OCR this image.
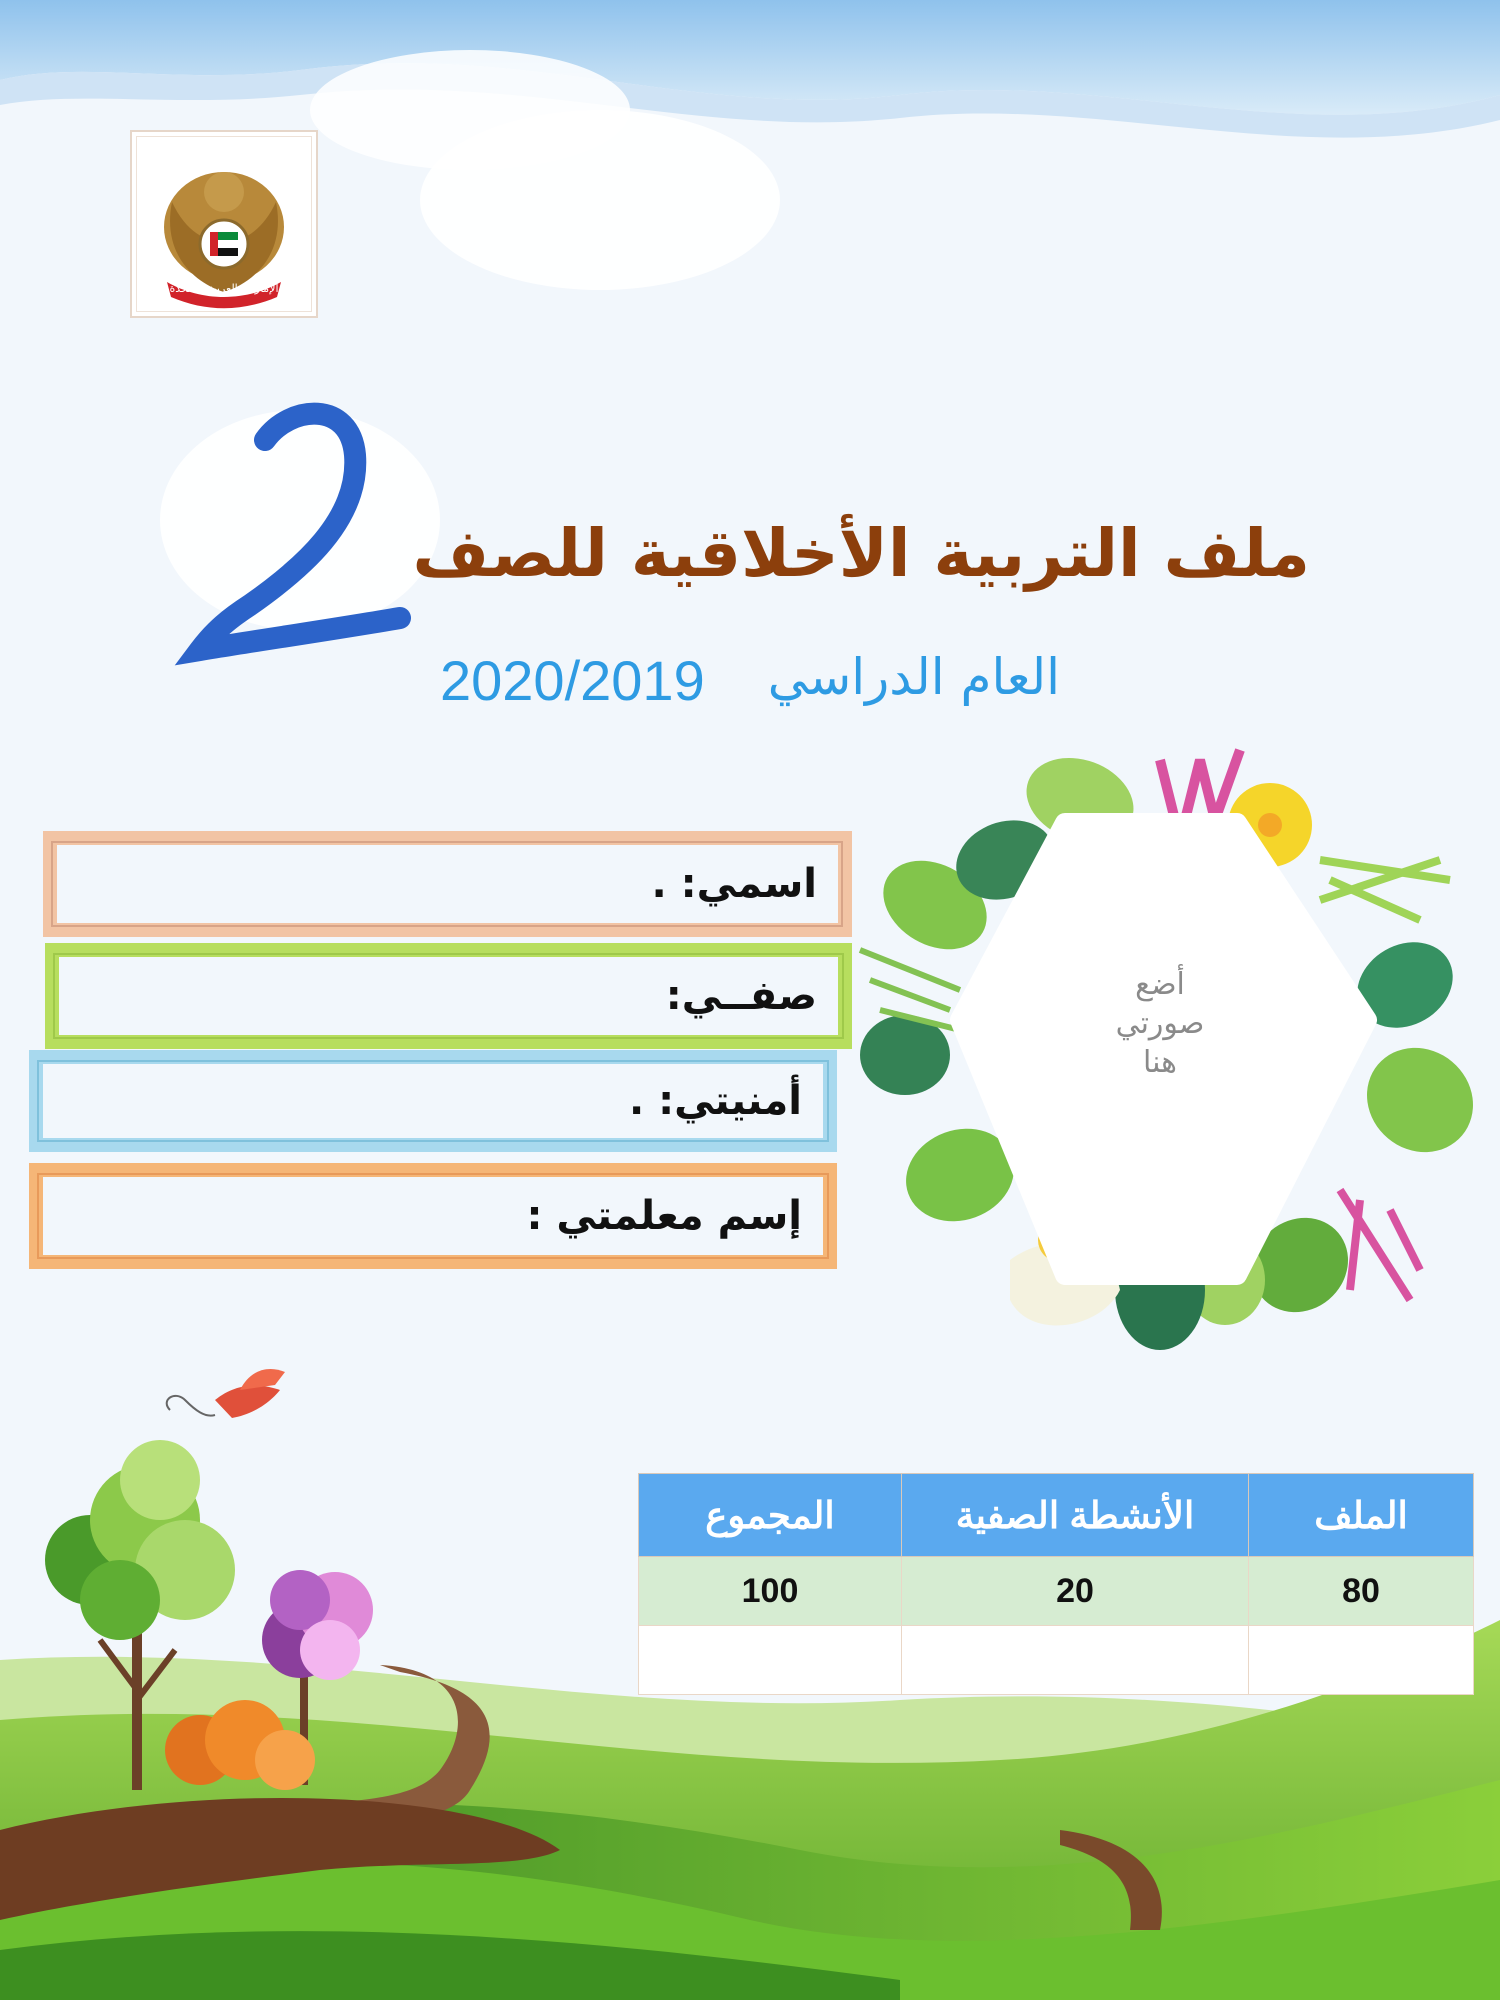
الإمارات العربية المتحدة
ملف التربية الأخلاقية للصف
العام الدراسي
2020/2019
اسمي: .
صفــي:
أمنيتي: .
إسم معلمتي :
أضع
صورتي
هنا
الملف	الأنشطة الصفية	المجموع
80	20	100
